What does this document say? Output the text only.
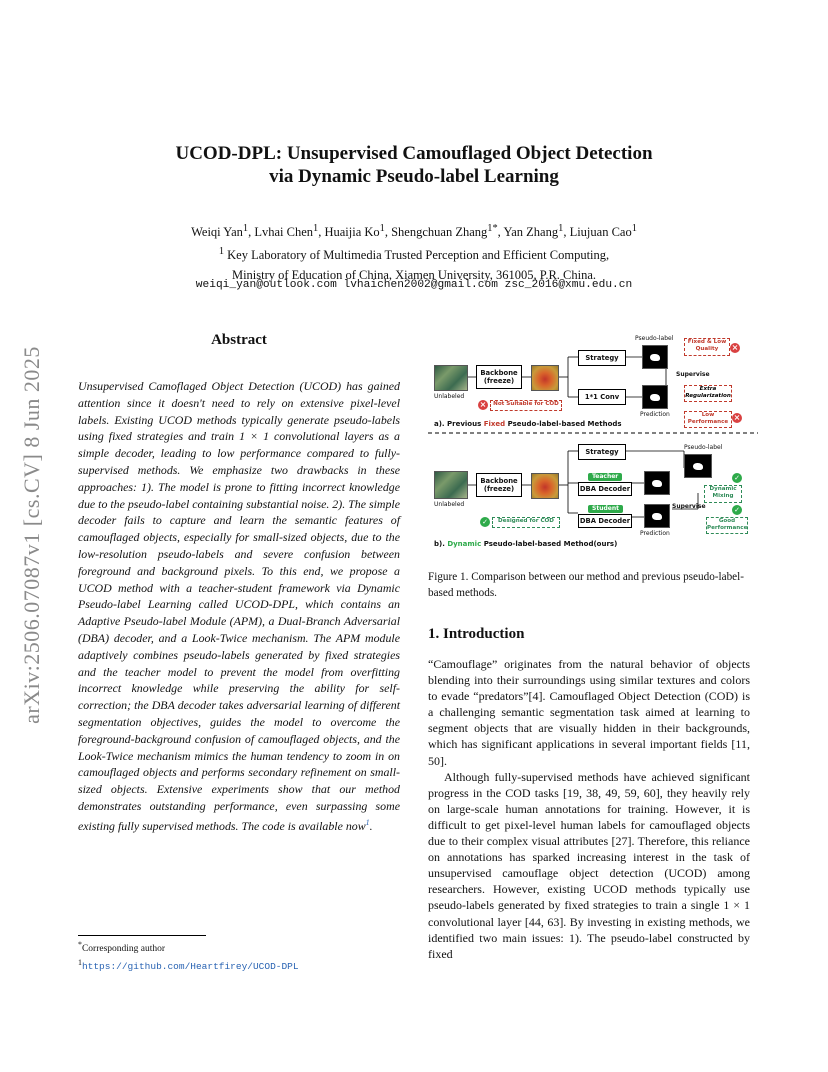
arXiv:2506.07087v1 [cs.CV] 8 Jun 2025
UCOD-DPL: Unsupervised Camouflaged Object Detection
via Dynamic Pseudo-label Learning
Weiqi Yan$^1$, Lvhai Chen$^1$, Huaijia Ko$^1$, Shengchuan Zhang$^{1*}$, Yan Zhang$^1$, Liujuan Cao$^1$
$^1$ Key Laboratory of Multimedia Trusted Perception and Efficient Computing,
Ministry of Education of China, Xiamen University, 361005, P.R. China.
weiqi_yan@outlook.com lvhaichen2002@gmail.com zsc_2016@xmu.edu.cn
Abstract
Unsupervised Camoflaged Object Detection (UCOD) has gained attention since it doesn't need to rely on extensive pixel-level labels. Existing UCOD methods typically generate pseudo-labels using fixed strategies and train 1 × 1 convolutional layers as a simple decoder, leading to low performance compared to fully-supervised methods. We emphasize two drawbacks in these approaches: 1). The model is prone to fitting incorrect knowledge due to the pseudo-label containing substantial noise. 2). The simple decoder fails to capture and learn the semantic features of camouflaged objects, especially for small-sized objects, due to the low-resolution pseudo-labels and severe confusion between foreground and background pixels. To this end, we propose a UCOD method with a teacher-student framework via Dynamic Pseudo-label Learning called UCOD-DPL, which contains an Adaptive Pseudo-label Module (APM), a Dual-Branch Adversarial (DBA) decoder, and a Look-Twice mechanism. The APM module adaptively combines pseudo-labels generated by fixed strategies and the teacher model to prevent the model from overfitting incorrect knowledge while preserving the ability for self-correction; the DBA decoder takes adversarial learning of different segmentation objectives, guides the model to overcome the foreground-background confusion of camouflaged objects, and the Look-Twice mechanism mimics the human tendency to zoom in on camouflaged objects and performs secondary refinement on small-sized objects. Extensive experiments show that our method demonstrates outstanding performance, even surpassing some existing fully supervised methods. The code is available now$^1$.
*Corresponding author
$^1$https://github.com/Heartfirey/UCOD-DPL
Pseudo-label	Fixed & Low Quality	×
Unlabeled
Backbone (freeze)
Strategy
Supervise
1*1 Conv
Prediction
Extra Regularization
Low Performance ×
×	Not Suitable for COD
a). Previous Fixed Pseudo-label-based Methods
Strategy
Pseudo-label
✓
Dynamic Mixing
Unlabeled
Backbone (freeze)
Teacher
DBA Decoder
Student
DBA Decoder
Supervise
Prediction
✓
Good Performance
✓	Designed for COD
b). Dynamic Pseudo-label-based Method(ours)
Figure 1. Comparison between our method and previous pseudo-label-based methods.
1. Introduction

“Camouflage” originates from the natural behavior of objects blending into their surroundings using similar textures and colors to evade “predators”[4]. Camouflaged Object Detection (COD) is a challenging semantic segmentation task aimed at learning to segment objects that are visually hidden in their backgrounds, which has significant applications in several important fields [11, 50].

Although fully-supervised methods have achieved significant progress in the COD tasks [19, 38, 49, 59, 60], they heavily rely on large-scale human annotations for training. However, it is difficult to get pixel-level human labels for camouflaged objects due to their complex visual attributes [27]. Therefore, this reliance on annotations has sparked increasing interest in the task of unsupervised camouflage object detection (UCOD) among researchers. However, existing UCOD methods typically use pseudo-labels generated by fixed strategies to train a single 1 × 1 convolutional layer [44, 63]. By investing in existing methods, we identified two main issues: 1). The pseudo-label constructed by fixed
